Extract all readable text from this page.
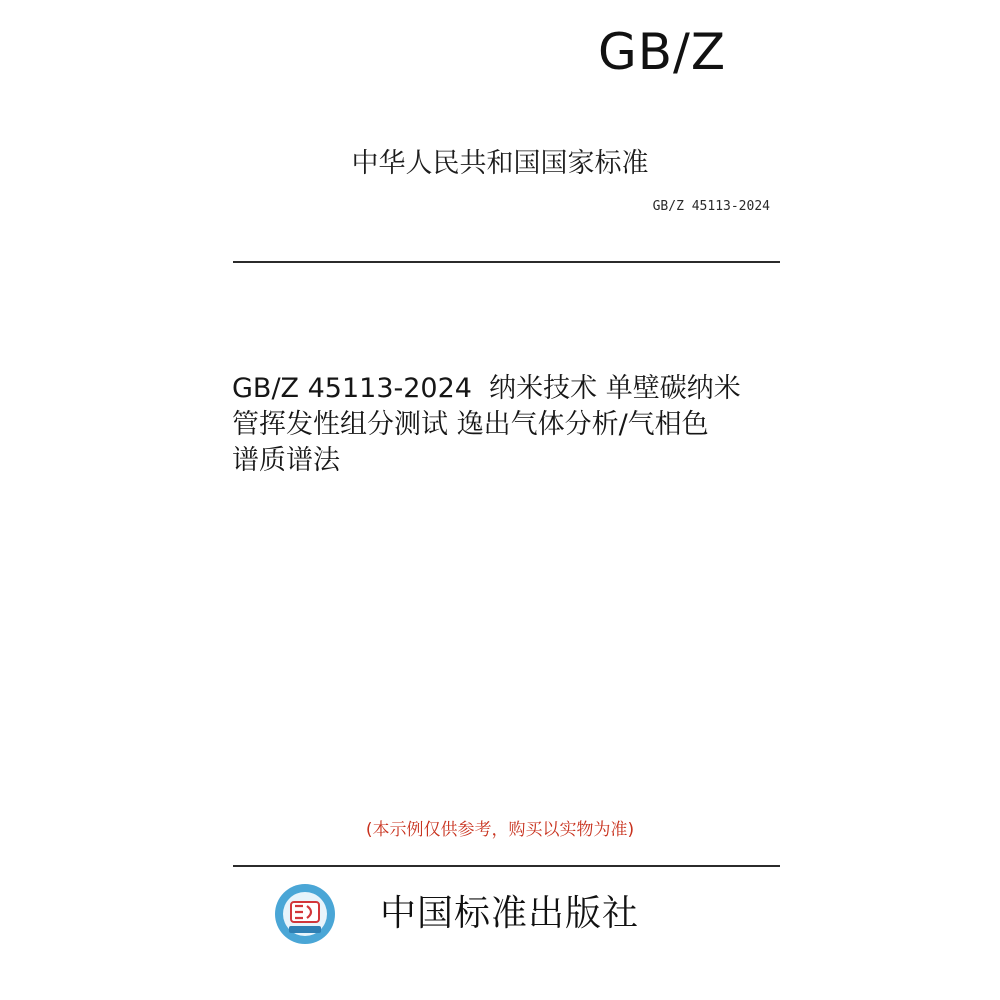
GB/Z
中华人民共和国国家标准
GB/Z 45113-2024
GB/Z 45113-2024  纳米技术 单壁碳纳米
管挥发性组分测试 逸出气体分析/气相色
谱质谱法
(本示例仅供参考，购买以实物为准)
中国标准出版社
